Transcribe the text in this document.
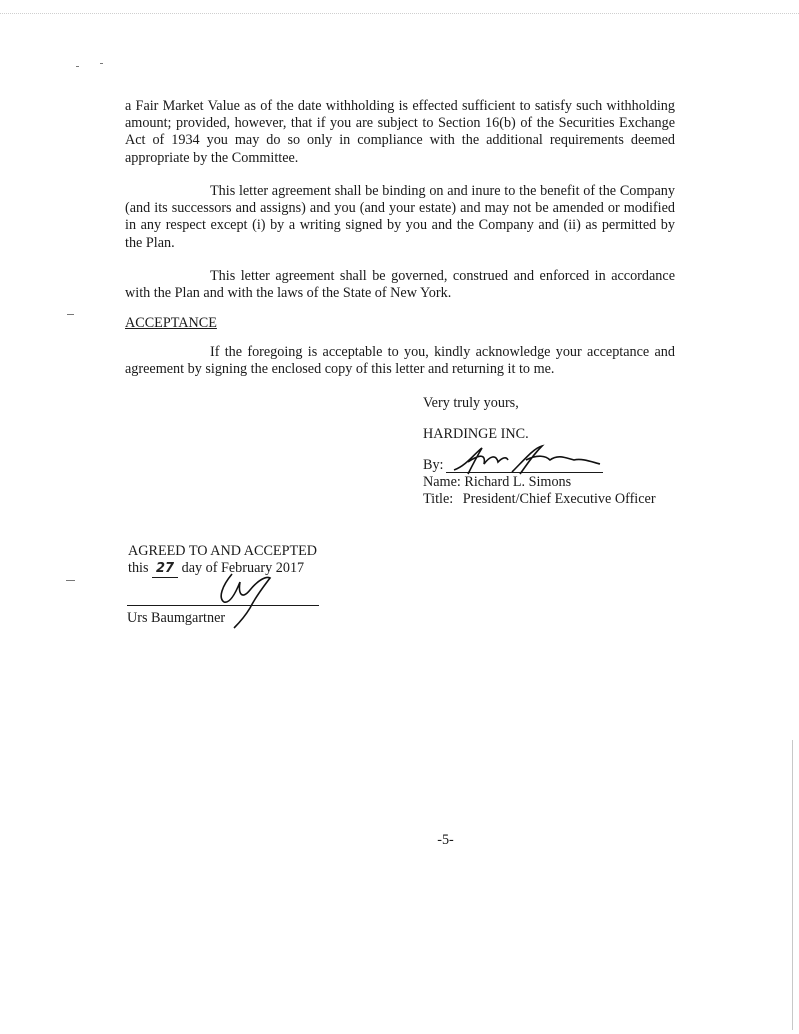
a Fair Market Value as of the date withholding is effected sufficient to satisfy such withholding amount; provided, however, that if you are subject to Section 16(b) of the Securities Exchange Act of 1934 you may do so only in compliance with the additional requirements deemed appropriate by the Committee.

This letter agreement shall be binding on and inure to the benefit of the Company (and its successors and assigns) and you (and your estate) and may not be amended or modified in any respect except (i) by a writing signed by you and the Company and (ii) as permitted by the Plan.

This letter agreement shall be governed, construed and enforced in accordance with the Plan and with the laws of the State of New York.

ACCEPTANCE

If the foregoing is acceptable to you, kindly acknowledge your acceptance and agreement by signing the enclosed copy of this letter and returning it to me.

Very truly yours,

HARDINGE INC.

By:

Name: Richard L. Simons

Title: President/Chief Executive Officer

AGREED TO AND ACCEPTED

this 27 day of February 2017

Urs Baumgartner

-5-
